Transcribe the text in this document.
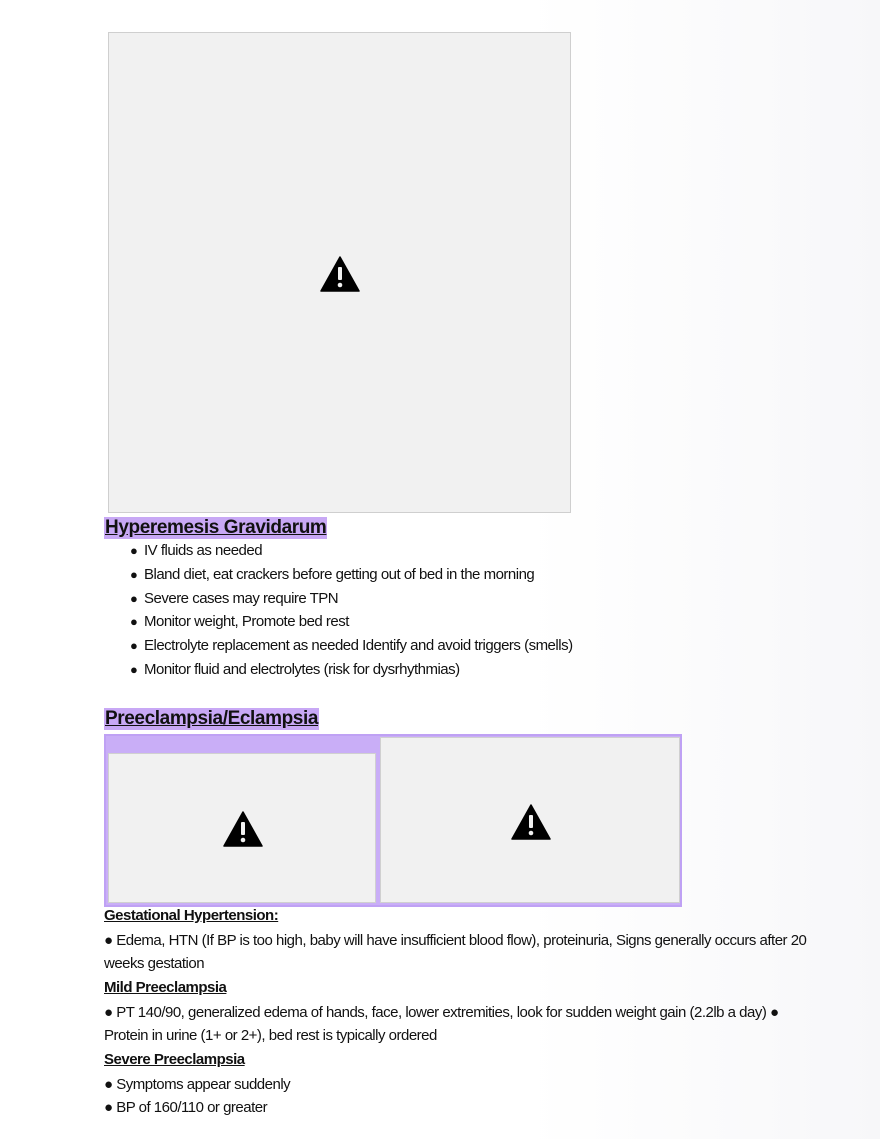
Hyperemesis Gravidarum
● IV fluids as needed
● Bland diet, eat crackers before getting out of bed in the morning
● Severe cases may require TPN
● Monitor weight, Promote bed rest
● Electrolyte replacement as needed Identify and avoid triggers (smells)
● Monitor fluid and electrolytes (risk for dysrhythmias)
Preeclampsia/Eclampsia
Gestational Hypertension:
● Edema, HTN (If BP is too high, baby will have insufficient blood flow), proteinuria, Signs generally occurs after 20
weeks gestation
Mild Preeclampsia
● PT 140/90, generalized edema of hands, face, lower extremities, look for sudden weight gain (2.2lb a day) ●
Protein in urine (1+ or 2+), bed rest is typically ordered
Severe Preeclampsia
● Symptoms appear suddenly
● BP of 160/110 or greater
